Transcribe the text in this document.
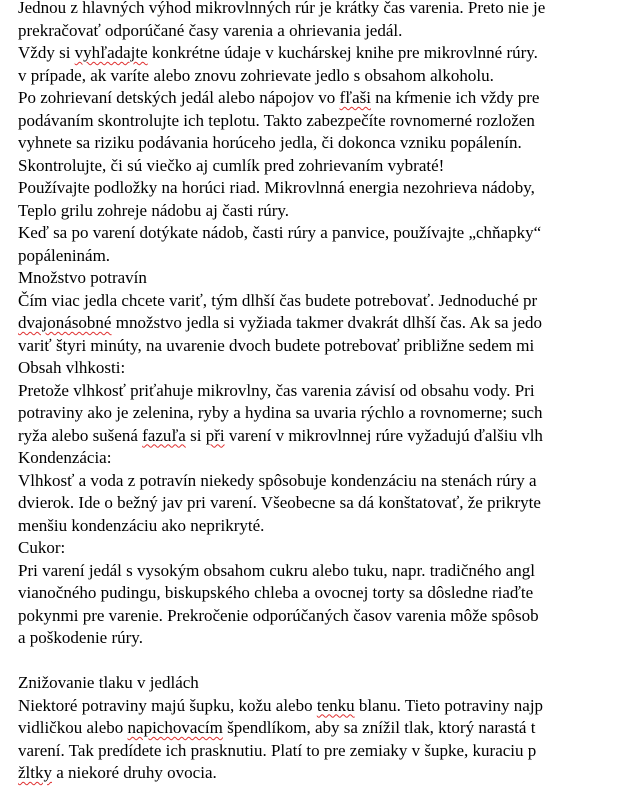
Jednou z hlavných výhod mikrovlnných rúr je krátky čas varenia. Preto nie je
prekračovať odporúčané časy varenia a ohrievania jedál.
Vždy si vyhľadajte konkrétne údaje v kuchárskej knihe pre mikrovlnné rúry.
v prípade, ak varíte alebo znovu zohrievate jedlo s obsahom alkoholu.
Po zohrievaní detských jedál alebo nápojov vo fľaši na kŕmenie ich vždy pre
podávaním skontrolujte ich teplotu. Takto zabezpečíte rovnomerné rozložen
vyhnete sa riziku podávania horúceho jedla, či dokonca vzniku popálenín.
Skontrolujte, či sú viečko aj cumlík pred zohrievaním vybraté!
Používajte podložky na horúci riad. Mikrovlnná energia nezohrieva nádoby,
Teplo grilu zohreje nádobu aj časti rúry.
Keď sa po varení dotýkate nádob, časti rúry a panvice, používajte „chňapky“
popáleninám.
Množstvo potravín
Čím viac jedla chcete variť, tým dlhší čas budete potrebovať. Jednoduché pr
dvajonásobné množstvo jedla si vyžiada takmer dvakrát dlhší čas. Ak sa jedo
variť štyri minúty, na uvarenie dvoch budete potrebovať približne sedem mi
Obsah vlhkosti:
Pretože vlhkosť priťahuje mikrovlny, čas varenia závisí od obsahu vody. Pri
potraviny ako je zelenina, ryby a hydina sa uvaria rýchlo a rovnomerne; such
ryža alebo sušená fazuľa si při varení v mikrovlnnej rúre vyžadujú ďalšiu vlh
Kondenzácia:
Vlhkosť a voda z potravín niekedy spôsobuje kondenzáciu na stenách rúry a
dvierok. Ide o bežný jav pri varení. Všeobecne sa dá konštatovať, že prikryte
menšiu kondenzáciu ako neprikryté.
Cukor:
Pri varení jedál s vysokým obsahom cukru alebo tuku, napr. tradičného angl
vianočného pudingu, biskupského chleba a ovocnej torty sa dôsledne riaďte
pokynmi pre varenie. Prekročenie odporúčaných časov varenia môže spôsob
a poškodenie rúry.
Znižovanie tlaku v jedlách
Niektoré potraviny majú šupku, kožu alebo tenku blanu. Tieto potraviny najp
vidličkou alebo napichovacím špendlíkom, aby sa znížil tlak, ktorý narastá t
varení. Tak predídete ich prasknutiu. Platí to pre zemiaky v šupke, kuraciu p
žltky a niekoré druhy ovocia.
